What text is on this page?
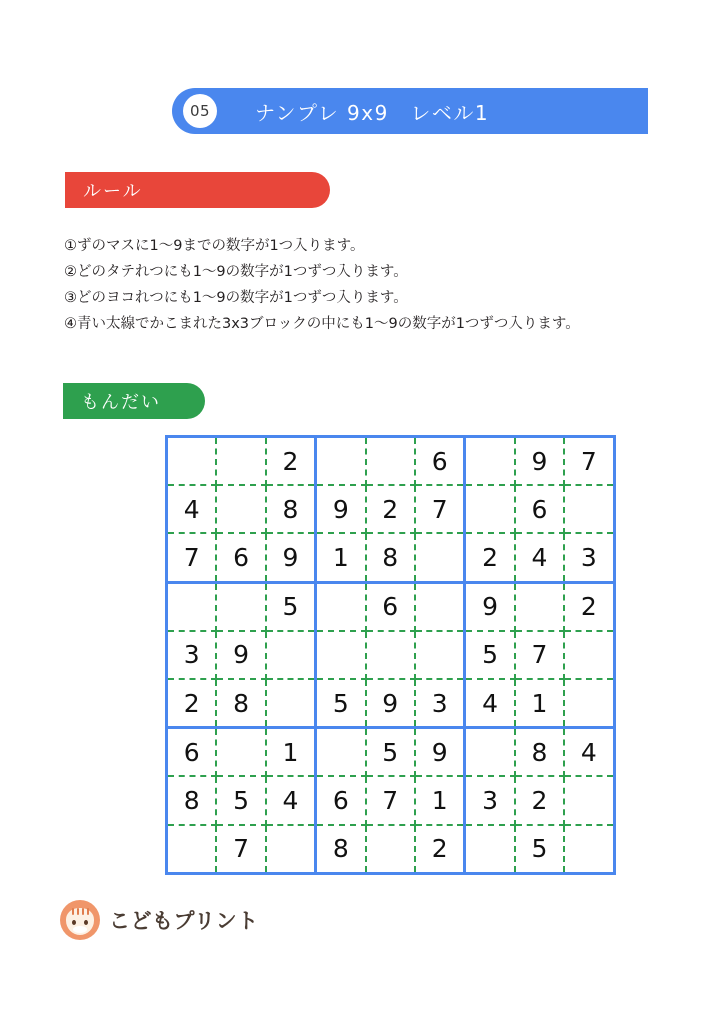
05	ナンプレ 9x9　レベル1
ルール
①ずのマスに1～9までの数字が1つ入ります。
②どのタテれつにも1～9の数字が1つずつ入ります。
③どのヨコれつにも1～9の数字が1つずつ入ります。
④青い太線でかこまれた3x3ブロックの中にも1～9の数字が1つずつ入ります。
もんだい
		2			6		9	7
4		8	9	2	7		6	
7	6	9	1	8		2	4	3
		5		6		9		2
3	9					5	7	
2	8		5	9	3	4	1	
6		1		5	9		8	4
8	5	4	6	7	1	3	2	
	7		8		2		5	
こどもプリント
